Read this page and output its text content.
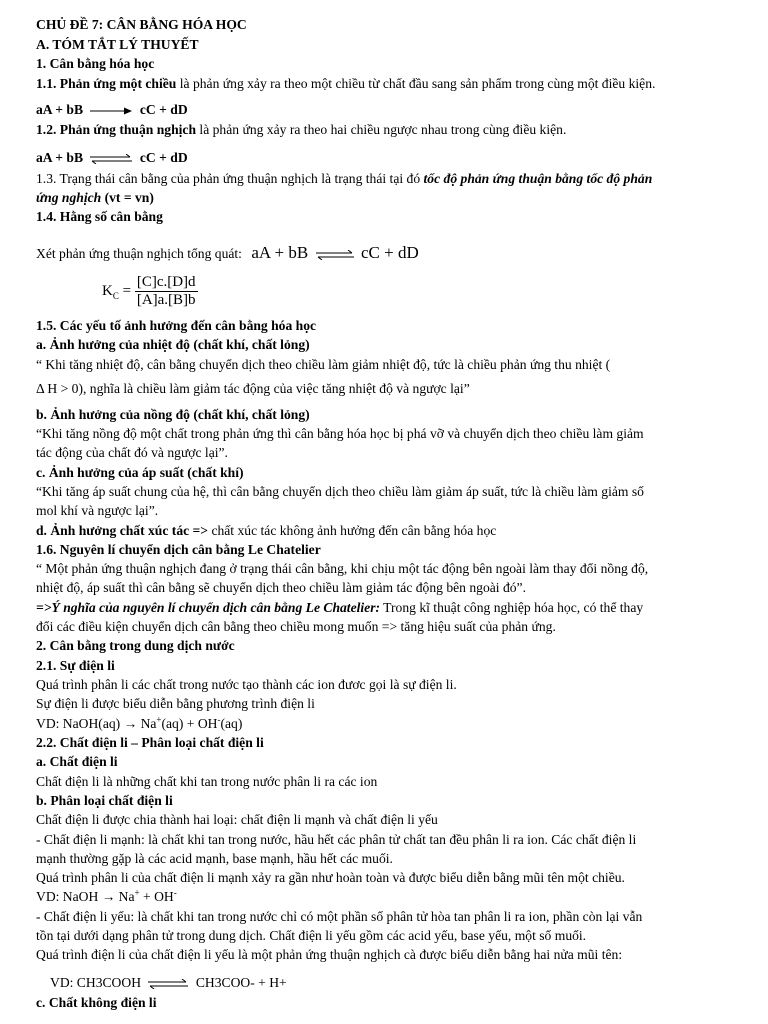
CHỦ ĐỀ 7: CÂN BẰNG HÓA HỌC
A. TÓM TẮT LÝ THUYẾT
1. Cân bằng hóa học
1.1. Phản ứng một chiều là phản ứng xảy ra theo một chiều từ chất đầu sang sản phẩm trong cùng một điều kiện.
aA + bB	cC + dD
1.2. Phản ứng thuận nghịch là phản ứng xảy ra theo hai chiều ngược nhau trong cùng điều kiện.
aA + bB ⇌ cC + dD
1.3. Trạng thái cân bằng của phản ứng thuận nghịch là trạng thái tại đó tốc độ phản ứng thuận bằng tốc độ phản
ứng nghịch (vt = vn)
1.4. Hằng số cân bằng
Xét phản ứng thuận nghịch tổng quát: aA + bB ⇌ cC + dD
$K_C = \frac{[C]c.[D]d}{[A]a.[B]b}$
1.5. Các yếu tố ảnh hưởng đến cân bằng hóa học
a. Ảnh hưởng của nhiệt độ (chất khí, chất lỏng)
“ Khi tăng nhiệt độ, cân bằng chuyển dịch theo chiều làm giảm nhiệt độ, tức là chiều phản ứng thu nhiệt (
Δ H > 0), nghĩa là chiều làm giảm tác động của việc tăng nhiệt độ và ngược lại”
b. Ảnh hưởng của nồng độ (chất khí, chất lỏng)
“Khi tăng nồng độ một chất trong phản ứng thì cân bằng hóa học bị phá vỡ và chuyển dịch theo chiều làm giảm
tác động của chất đó và ngược lại”.
c. Ảnh hưởng của áp suất (chất khí)
“Khi tăng áp suất chung của hệ, thì cân bằng chuyển dịch theo chiều làm giảm áp suất, tức là chiều làm giảm số
mol khí và ngược lại”.
d. Ảnh hưởng chất xúc tác => chất xúc tác không ảnh hưởng đến cân bằng hóa học
1.6. Nguyên lí chuyển dịch cân bằng Le Chatelier
“ Một phản ứng thuận nghịch đang ở trạng thái cân bằng, khi chịu một tác động bên ngoài làm thay đổi nồng độ,
nhiệt độ, áp suất thì cân bằng sẽ chuyển dịch theo chiều làm giảm tác động bên ngoài đó”.
=>Ý nghĩa của nguyên lí chuyển dịch cân bằng Le Chatelier: Trong kĩ thuật công nghiệp hóa học, có thể thay
đổi các điều kiện chuyển dịch cân bằng theo chiều mong muốn => tăng hiệu suất của phản ứng.
2. Cân bằng trong dung dịch nước
2.1. Sự điện li
Quá trình phân li các chất trong nước tạo thành các ion đươc gọi là sự điện li.
Sự điện li được biểu diễn bằng phương trình điện li
VD: NaOH(aq) → Na+(aq) + OH-(aq)
2.2. Chất điện li – Phân loại chất điện li
a. Chất điện li
Chất điện li là những chất khi tan trong nước phân li ra các ion
b. Phân loại chất điện li
Chất điện li được chia thành hai loại: chất điện li mạnh và chất điện li yếu
- Chất điện li mạnh: là chất khi tan trong nước, hầu hết các phân tử chất tan đều phân li ra ion. Các chất điện li
mạnh thường gặp là các acid mạnh, base mạnh, hầu hết các muối.
Quá trình phân li của chất điện li mạnh xảy ra gần như hoàn toàn và được biểu diễn bằng mũi tên một chiều.
VD: NaOH → Na+ + OH-
- Chất điện li yếu: là chất khi tan trong nước chỉ có một phần số phân tử hòa tan phân li ra ion, phần còn lại vẫn
tồn tại dưới dạng phân tử trong dung dịch. Chất điện li yếu gồm các acid yếu, base yếu, một số muối.
Quá trình điện li của chất điện li yếu là một phản ứng thuận nghịch cà được biểu diễn bằng hai nửa mũi tên:
VD: CH3COOH ⇌ CH3COO- + H+
c. Chất không điện li
